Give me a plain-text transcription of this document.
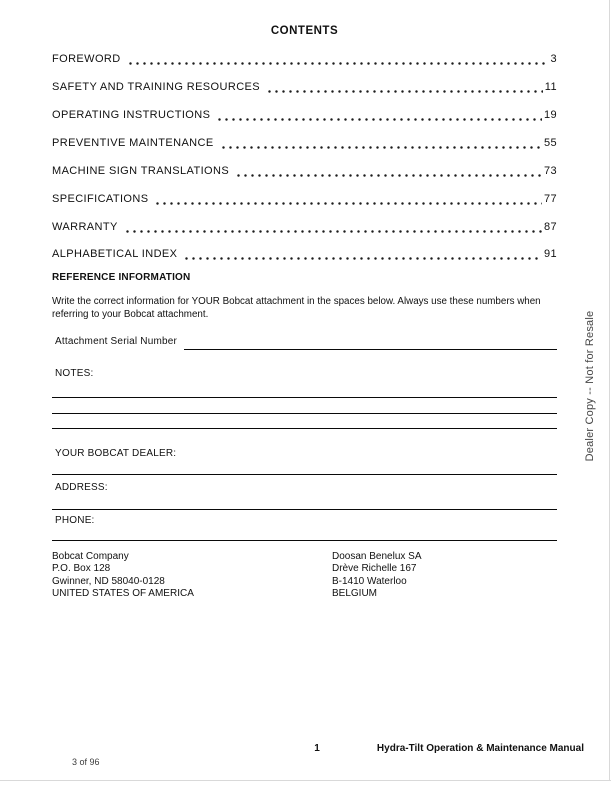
CONTENTS
FOREWORD	3
SAFETY AND TRAINING RESOURCES	11
OPERATING INSTRUCTIONS	19
PREVENTIVE MAINTENANCE	55
MACHINE SIGN TRANSLATIONS	73
SPECIFICATIONS	77
WARRANTY	87
ALPHABETICAL INDEX	91
REFERENCE INFORMATION
Write the correct information for YOUR Bobcat attachment in the spaces below. Always use these numbers when
referring to your Bobcat attachment.
Attachment Serial Number
NOTES:
YOUR BOBCAT DEALER:
ADDRESS:
PHONE:
Bobcat Company
P.O. Box 128
Gwinner, ND 58040-0128
UNITED STATES OF AMERICA
Doosan Benelux SA
Drève Richelle 167
B-1410 Waterloo
BELGIUM
Dealer Copy -- Not for Resale
1	Hydra-Tilt Operation & Maintenance Manual
3 of 96
